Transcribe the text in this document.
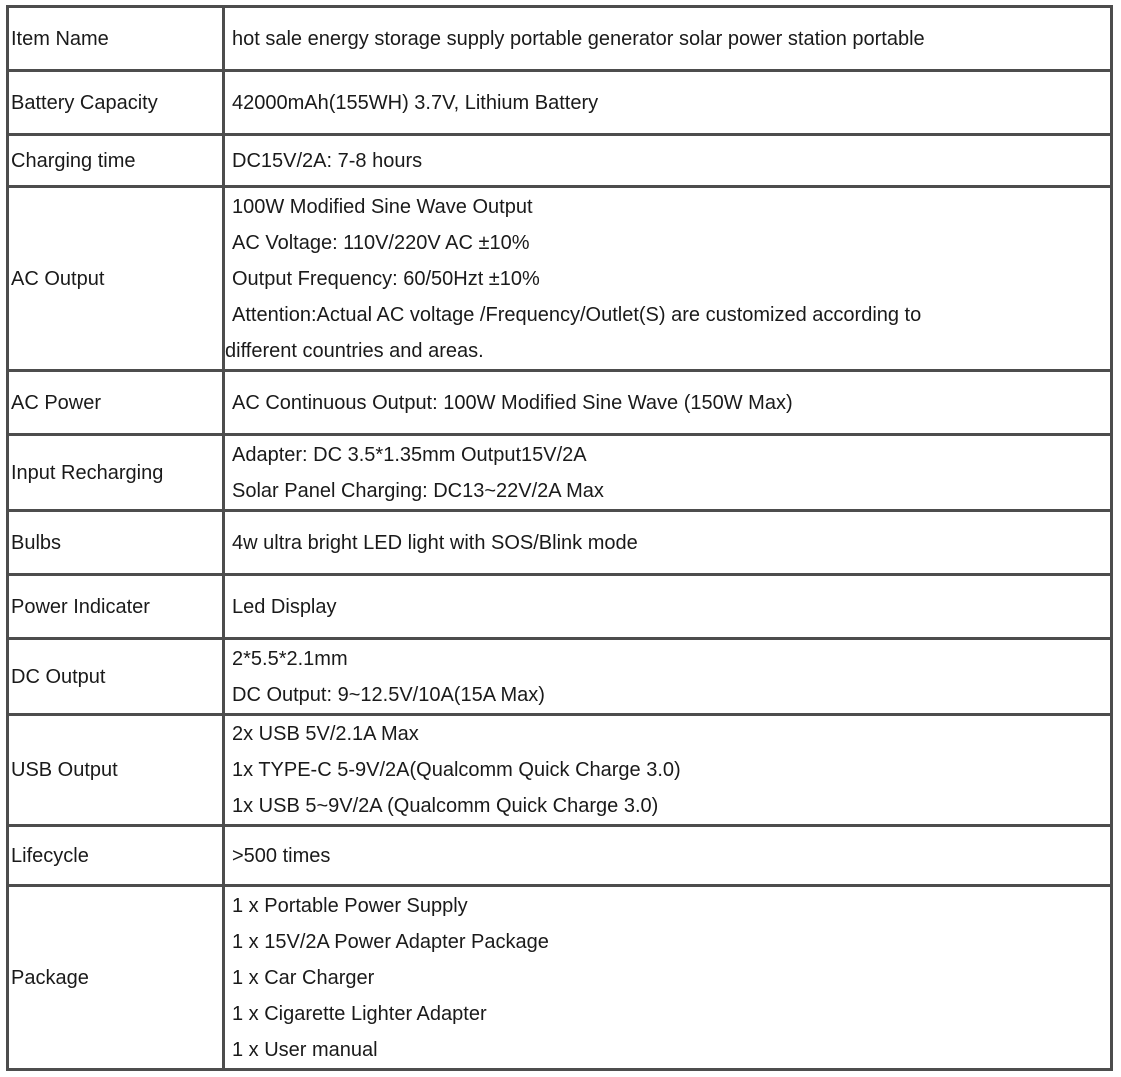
Item Name	hot sale energy storage supply portable generator solar power station portable

Battery Capacity	42000mAh(155WH) 3.7V, Lithium Battery

Charging time	DC15V/2A: 7-8 hours

AC Output	100W Modified Sine Wave Output
AC Voltage: 110V/220V AC ±10%
Output Frequency: 60/50Hzt ±10%
Attention:Actual AC voltage /Frequency/Outlet(S) are customized according to
different countries and areas.

AC Power	AC Continuous Output: 100W Modified Sine Wave (150W Max)

Input Recharging	Adapter: DC 3.5*1.35mm Output15V/2A
Solar Panel Charging: DC13~22V/2A Max

Bulbs	4w ultra bright LED light with SOS/Blink mode

Power Indicater	Led Display

DC Output	2*5.5*2.1mm
DC Output: 9~12.5V/10A(15A Max)

USB Output	2x USB 5V/2.1A Max
1x TYPE-C 5-9V/2A(Qualcomm Quick Charge 3.0)
1x USB 5~9V/2A (Qualcomm Quick Charge 3.0)

Lifecycle	>500 times

Package	1 x Portable Power Supply
1 x 15V/2A Power Adapter Package
1 x Car Charger
1 x Cigarette Lighter Adapter
1 x User manual
